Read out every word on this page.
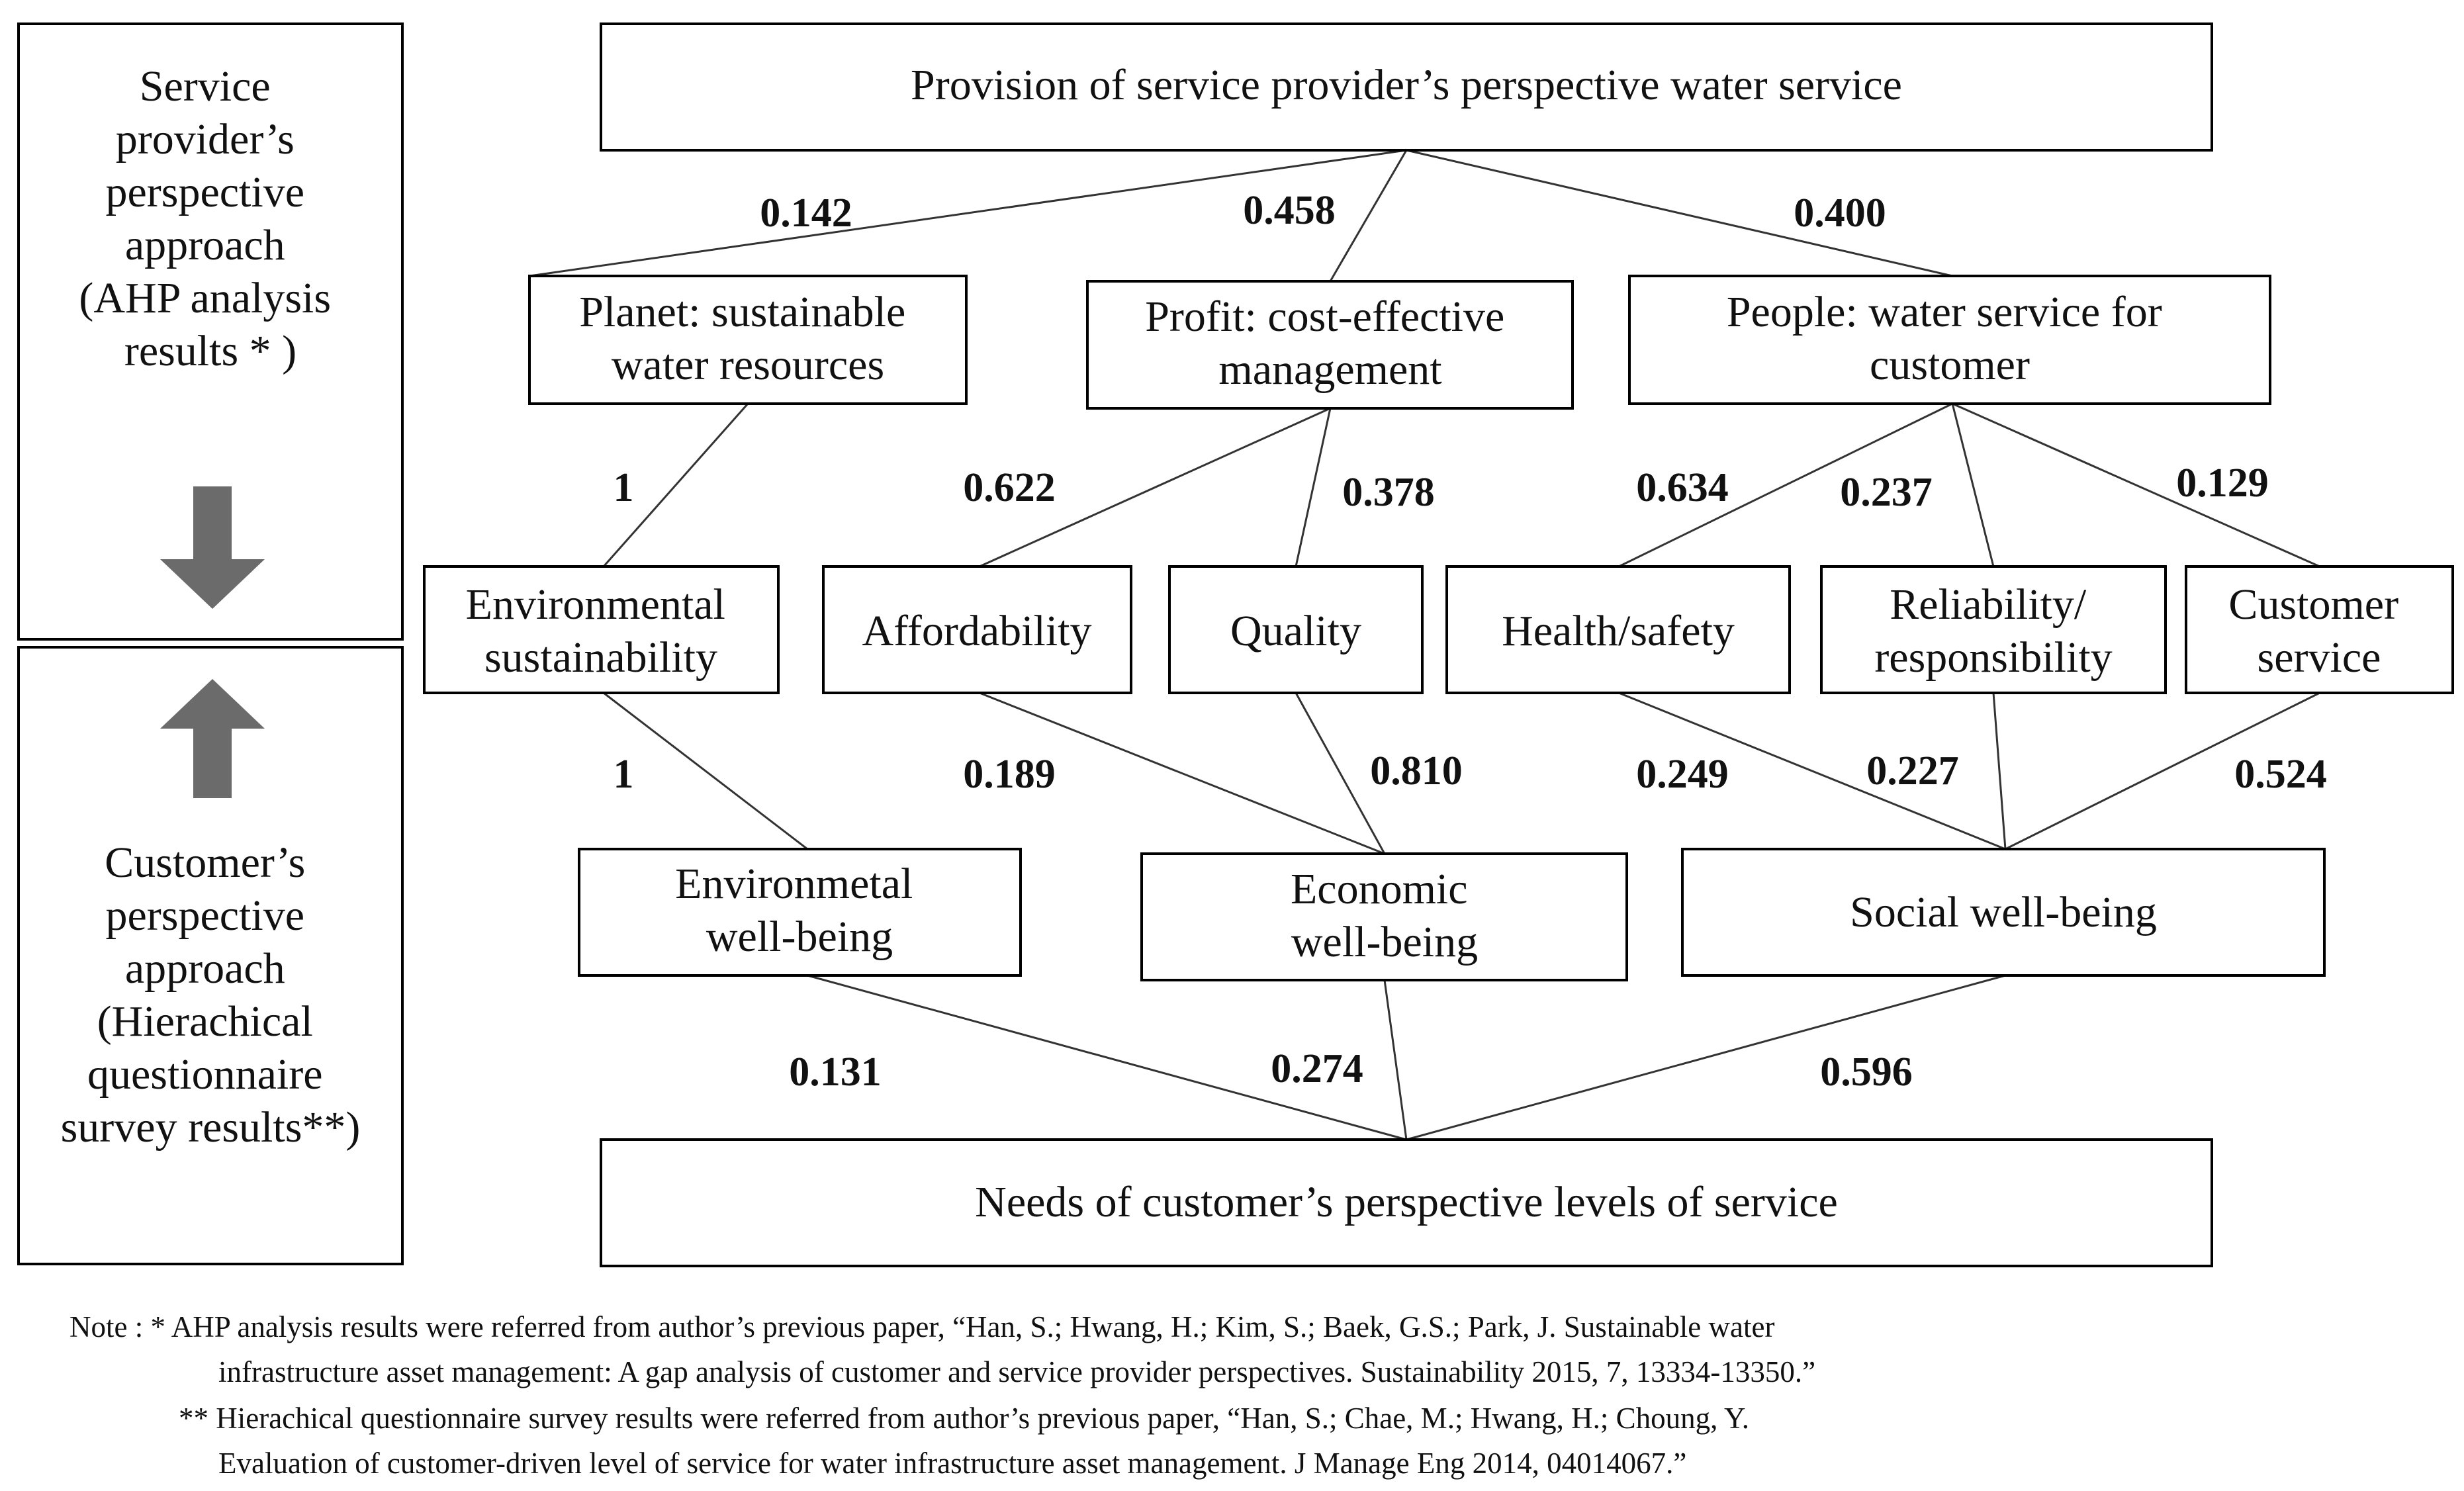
Service provider’s perspective approach (AHP analysis results * )
Customer’s perspective approach (Hierachical questionnaire survey results**)
Provision of service provider’s perspective water service
Planet: sustainable water resources
Profit: cost-effective management
People: water service for customer
Environmental sustainability
Affordability	Quality	Health/safety
Reliability/ responsibility
Customer service
Environmetal well-being
Economic well-being
Social well-being
Needs of customer’s perspective levels of service
0.142	0.458	0.400
1	0.622	0.378	0.634	0.237	0.129
1	0.189	0.810	0.249	0.227	0.524
0.131	0.274	0.596
Note : * AHP analysis results were referred from author’s previous paper, “Han, S.; Hwang, H.; Kim, S.; Baek, G.S.; Park, J. Sustainable water
infrastructure asset management: A gap analysis of customer and service provider perspectives. Sustainability 2015, 7, 13334-13350.”
** Hierachical questionnaire survey results were referred from author’s previous paper, “Han, S.; Chae, M.; Hwang, H.; Choung, Y.
Evaluation of customer-driven level of service for water infrastructure asset management. J Manage Eng 2014, 04014067.”
